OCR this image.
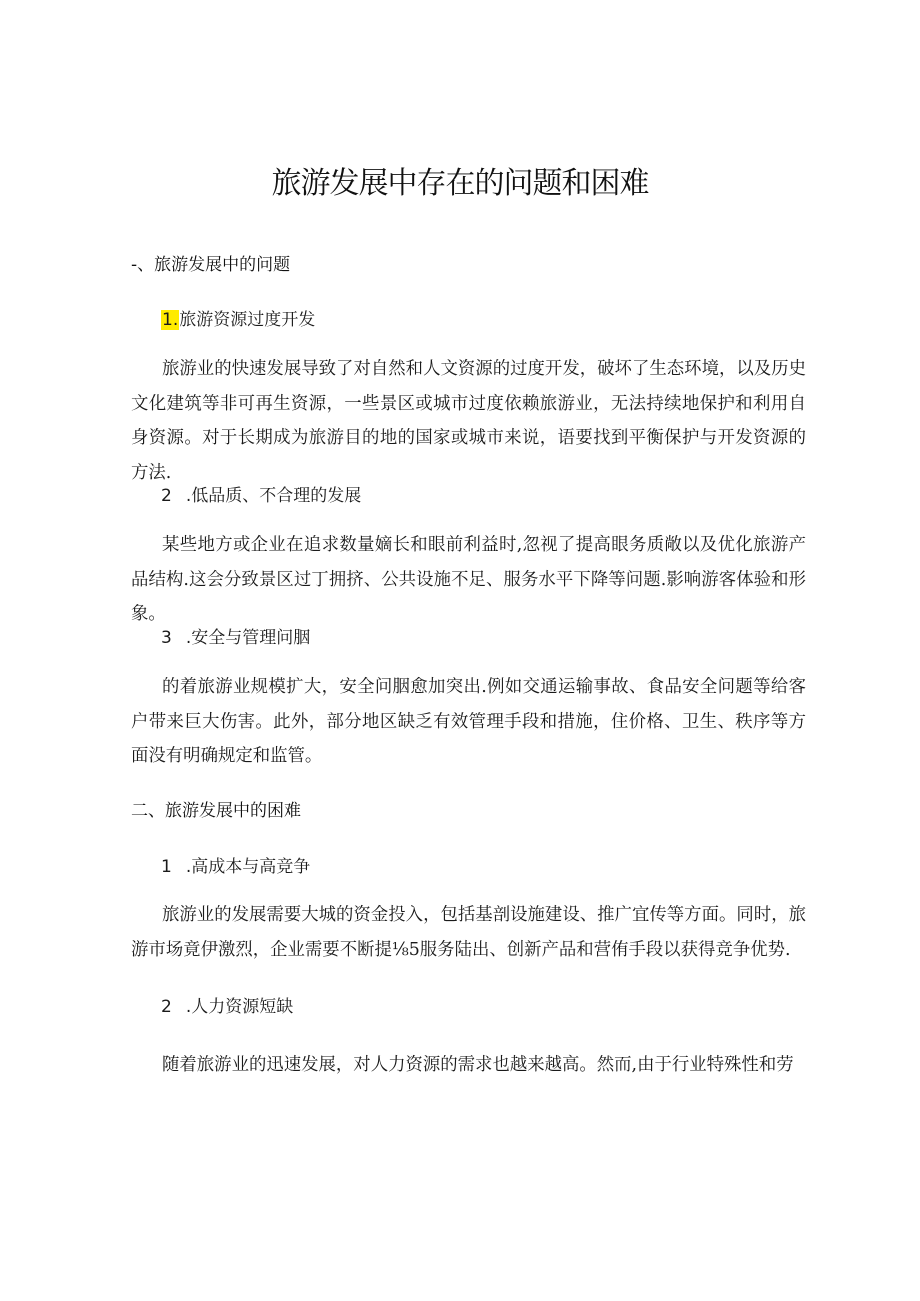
旅游发展中存在的问题和困难
-、旅游发展中的问题
1.旅游资源过度开发

旅游业的快速发展导致了对自然和人文资源的过度开发，破坏了生态环境，以及历史文化建筑等非可再生资源，一些景区或城市过度依赖旅游业，无法持续地保护和利用自身资源。对于长期成为旅游目的地的国家或城市来说，语要找到平衡保护与开发资源的方法.

2 .低品质、不合理的发展

某些地方或企业在追求数量嫡长和眼前利益时,忽视了提高眼务质敞以及优化旅游产品结构.这会分致景区过丁拥挤、公共设施不足、服务水平下降等问题.影响游客体验和形象。

3 .安全与管理问胭

的着旅游业规模扩大，安全问胭愈加突出.例如交通运输事故、食品安全问题等给客户带来巨大伤害。此外，部分地区缺乏有效管理手段和措施，住价格、卫生、秩序等方面没有明确规定和监管。

二、旅游发展中的困难
1 .高成本与高竞争

旅游业的发展需要大城的资金投入，包括基剖设施建设、推广宜传等方面。同时，旅游市场竟伊激烈，企业需要不断提⅛5服务陆出、创新产品和营侑手段以获得竞争优势.

2 .人力资源短缺

随着旅游业的迅速发展，对人力资源的需求也越来越高。然而,由于行业特殊性和劳
